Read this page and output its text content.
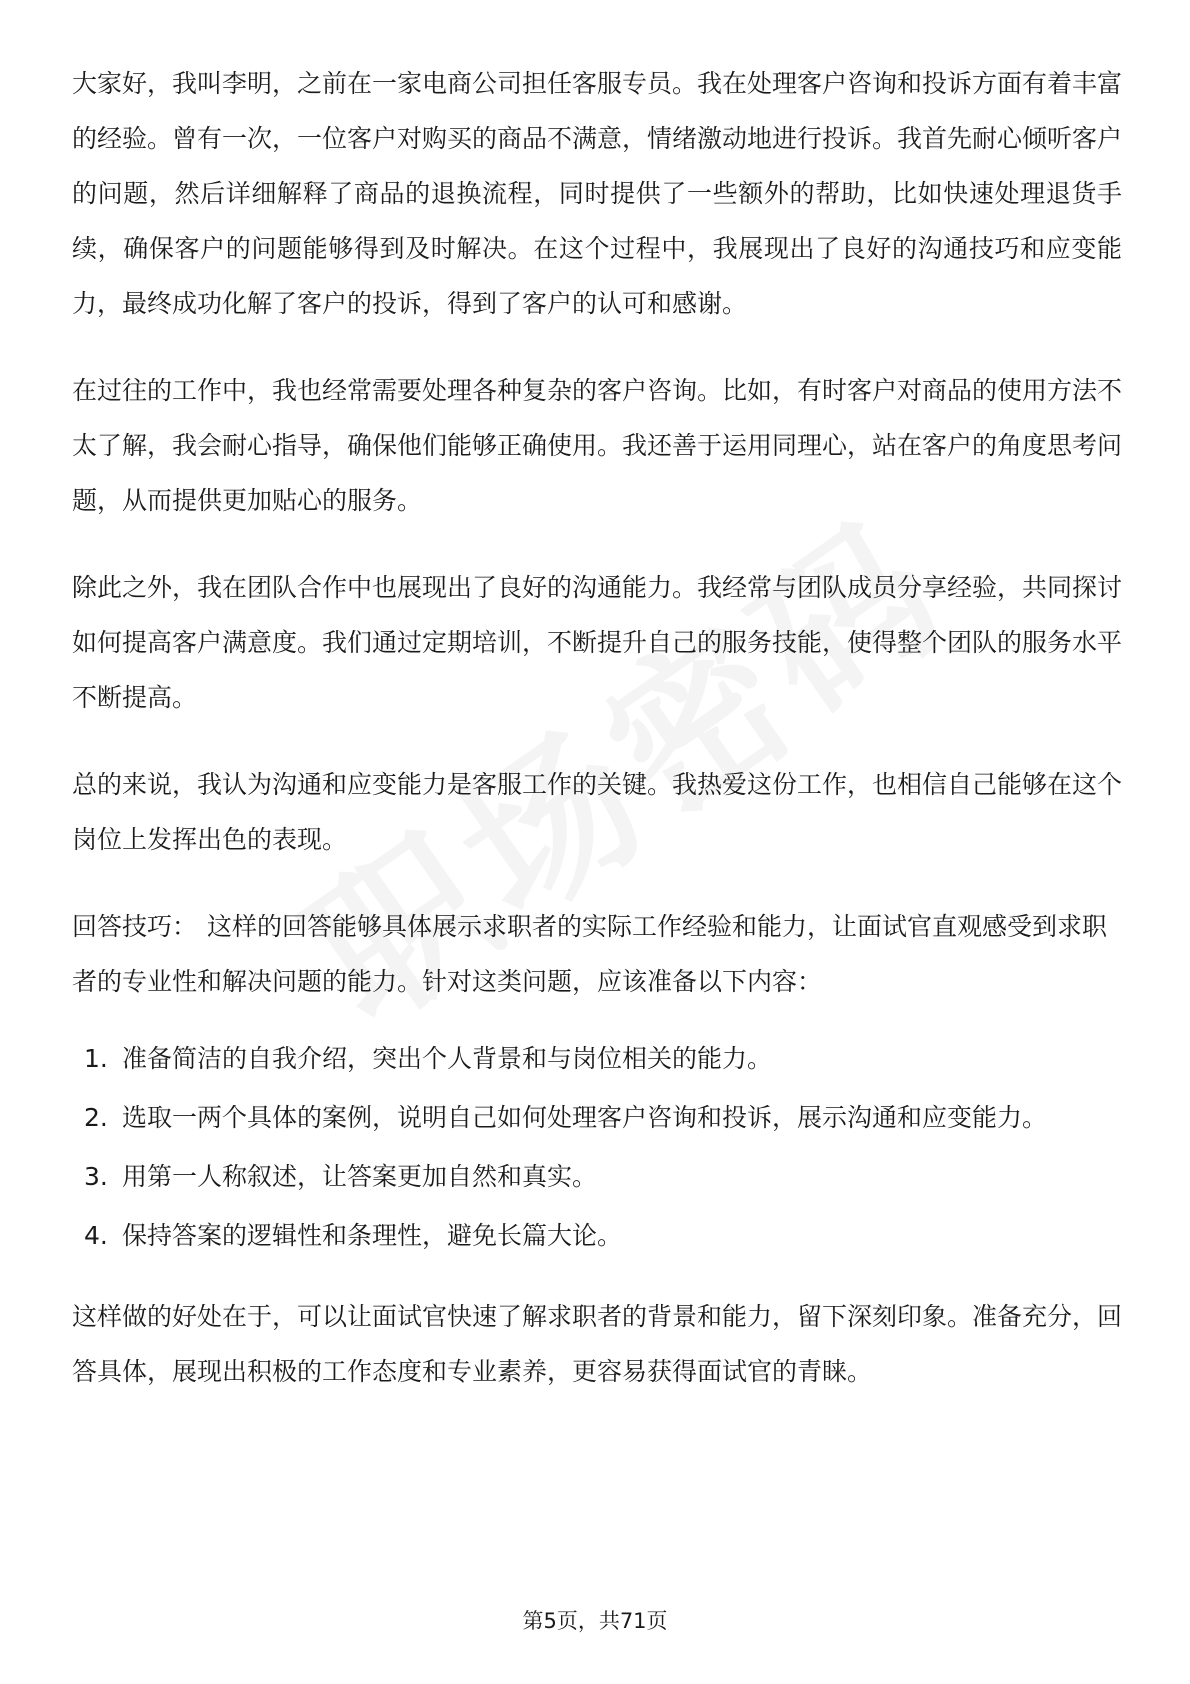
大家好，我叫李明，之前在一家电商公司担任客服专员。我在处理客户咨询和投诉方面有着丰富的经验。曾有一次，一位客户对购买的商品不满意，情绪激动地进行投诉。我首先耐心倾听客户的问题，然后详细解释了商品的退换流程，同时提供了一些额外的帮助，比如快速处理退货手续，确保客户的问题能够得到及时解决。在这个过程中，我展现出了良好的沟通技巧和应变能力，最终成功化解了客户的投诉，得到了客户的认可和感谢。

在过往的工作中，我也经常需要处理各种复杂的客户咨询。比如，有时客户对商品的使用方法不太了解，我会耐心指导，确保他们能够正确使用。我还善于运用同理心，站在客户的角度思考问题，从而提供更加贴心的服务。

除此之外，我在团队合作中也展现出了良好的沟通能力。我经常与团队成员分享经验，共同探讨如何提高客户满意度。我们通过定期培训，不断提升自己的服务技能，使得整个团队的服务水平不断提高。

总的来说，我认为沟通和应变能力是客服工作的关键。我热爱这份工作，也相信自己能够在这个岗位上发挥出色的表现。

回答技巧： 这样的回答能够具体展示求职者的实际工作经验和能力，让面试官直观感受到求职者的专业性和解决问题的能力。针对这类问题，应该准备以下内容：

1. 准备简洁的自我介绍，突出个人背景和与岗位相关的能力。
2. 选取一两个具体的案例，说明自己如何处理客户咨询和投诉，展示沟通和应变能力。
3. 用第一人称叙述，让答案更加自然和真实。
4. 保持答案的逻辑性和条理性，避免长篇大论。

这样做的好处在于，可以让面试官快速了解求职者的背景和能力，留下深刻印象。准备充分，回答具体，展现出积极的工作态度和专业素养，更容易获得面试官的青睐。

第5页，共71页
